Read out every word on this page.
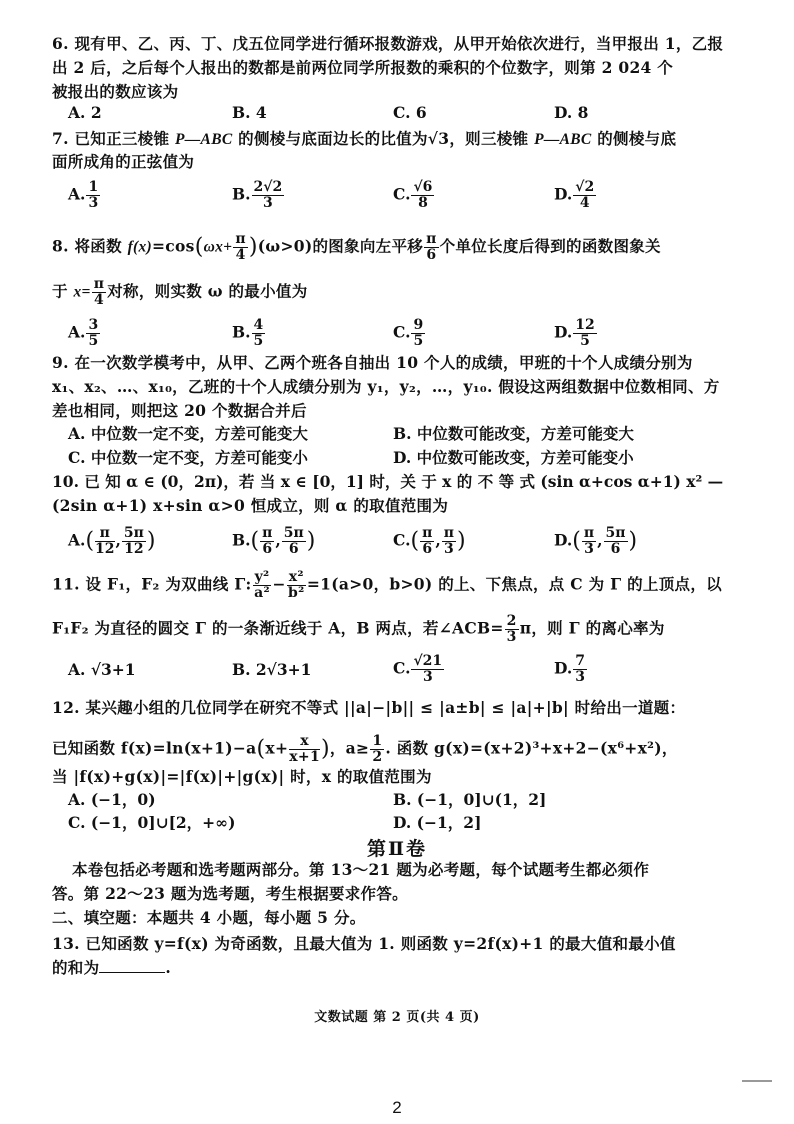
6. 现有甲、乙、丙、丁、戊五位同学进行循环报数游戏，从甲开始依次进行，当甲报出 1，乙报
出 2 后，之后每个人报出的数都是前两位同学所报数的乘积的个位数字，则第 2 024 个
被报出的数应该为
A. 2	B. 4	C. 6	D. 8
7. 已知正三棱锥 P—ABC 的侧棱与底面边长的比值为√3，则三棱锥 P—ABC 的侧棱与底
面所成角的正弦值为
A. $\frac{1}{3}$	B. $\frac{2√2}{3}$	C. $\frac{√6}{8}$	D. $\frac{√2}{4}$
8. 将函数 $f(x)=\cos(\omega x+ \frac{\pi}{4} )(\omega>0)$的图象向左平移 $\frac{\pi}{6}$ 个单位长度后得到的函数图象关
于 $x= \frac{\pi}{4}$ 对称，则实数 ω 的最小值为
A. $\frac{3}{5}$	B. $\frac{4}{5}$	C. $\frac{9}{5}$	D. $\frac{12}{5}$
9. 在一次数学模考中，从甲、乙两个班各自抽出 10 个人的成绩，甲班的十个人成绩分别为
x₁、x₂、…、x₁₀，乙班的十个人成绩分别为 y₁，y₂，…，y₁₀. 假设这两组数据中位数相同、方
差也相同，则把这 20 个数据合并后
A. 中位数一定不变，方差可能变大	B. 中位数可能改变，方差可能变大
C. 中位数一定不变，方差可能变小	D. 中位数可能改变，方差可能变小
10. 已 知 α ∈ (0，2π)，若 当 x ∈ [0，1] 时，关 于 x 的 不 等 式 (sin α+cos α+1) x² —
(2sin α+1) x+sin α>0 恒成立，则 α 的取值范围为
$A.( \frac{\pi}{12}$ , $\frac{5\pi}{12}$ )	$B.( \frac{\pi}{6}$ , $\frac{5\pi}{6}$ )	$C.( \frac{\pi}{6}$ , $\frac{\pi}{3}$ )	$D.( \frac{\pi}{3}$ , $\frac{5\pi}{6}$ )
11. 设 F₁，F₂ 为双曲线 Γ: $\frac{\text{y²}}{\text{a²}} - \frac{\text{x²}}{\text{b²}} =1(a>0$，b>0) 的上、下焦点，点 C 为 Γ 的上顶点，以
F₁F₂ 为直径的圆交 Γ 的一条渐近线于 A，B 两点，若∠ACB= $\frac{2}{3}$ π，则 Γ 的离心率为
A. √3+1	B. 2√3+1	C. $\frac{√21}{3}$	D. $\frac{7}{3}$
12. 某兴趣小组的几位同学在研究不等式 ||a|−|b|| ≤ |a±b| ≤ |a|+|b| 时给出一道题：
已知函数 $f(x)=\ln(x+1)-a(x+ \frac{x}{x+1}$ )，$a\ge \frac{1}{2}$ . 函数 g(x)=(x+2)³+x+2−(x⁶+x²)，
当 |f(x)+g(x)|=|f(x)|+|g(x)| 时，x 的取值范围为
A. (−1，0)	B. (−1，0]∪(1，2]
C. (−1，0]∪[2，+∞)	D. (−1，2]
第Ⅱ卷
本卷包括必考题和选考题两部分。第 13～21 题为必考题，每个试题考生都必须作
答。第 22～23 题为选考题，考生根据要求作答。
二、填空题：本题共 4 小题，每小题 5 分。
13. 已知函数 y=f(x) 为奇函数，且最大值为 1. 则函数 y=2f(x)+1 的最大值和最小值
的和为	.
文数试题 第 2 页(共 4 页)
2
